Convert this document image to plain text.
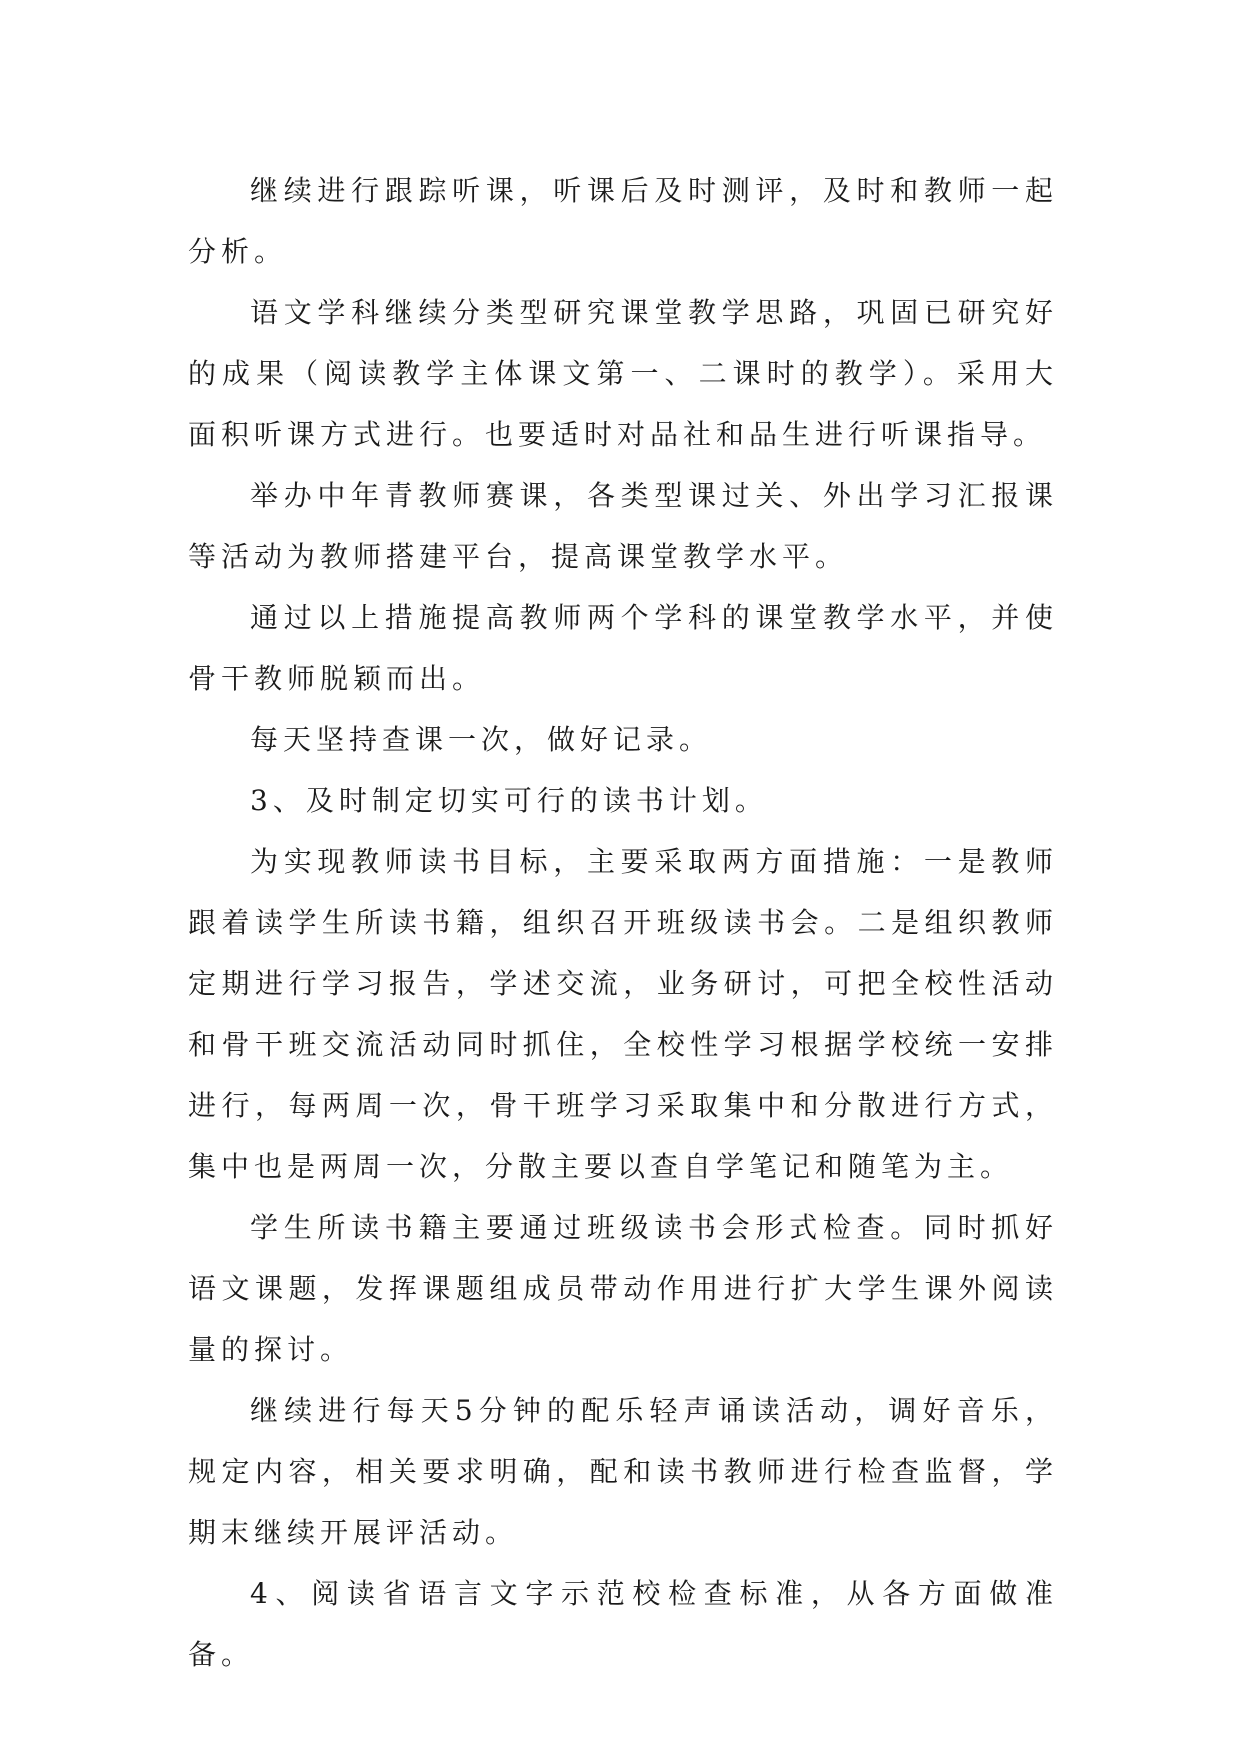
继续进行跟踪听课，听课后及时测评，及时和教师一起分析。

语文学科继续分类型研究课堂教学思路，巩固已研究好的成果（阅读教学主体课文第一、二课时的教学）。采用大面积听课方式进行。也要适时对品社和品生进行听课指导。

举办中年青教师赛课，各类型课过关、外出学习汇报课等活动为教师搭建平台，提高课堂教学水平。

通过以上措施提高教师两个学科的课堂教学水平，并使骨干教师脱颖而出。

每天坚持查课一次，做好记录。

3、及时制定切实可行的读书计划。

为实现教师读书目标，主要采取两方面措施：一是教师跟着读学生所读书籍，组织召开班级读书会。二是组织教师定期进行学习报告，学述交流，业务研讨，可把全校性活动和骨干班交流活动同时抓住，全校性学习根据学校统一安排进行，每两周一次，骨干班学习采取集中和分散进行方式，集中也是两周一次，分散主要以查自学笔记和随笔为主。

学生所读书籍主要通过班级读书会形式检查。同时抓好语文课题，发挥课题组成员带动作用进行扩大学生课外阅读量的探讨。

继续进行每天5分钟的配乐轻声诵读活动，调好音乐，规定内容，相关要求明确，配和读书教师进行检查监督，学期末继续开展评活动。

4、阅读省语言文字示范校检查标准，从各方面做准备。
